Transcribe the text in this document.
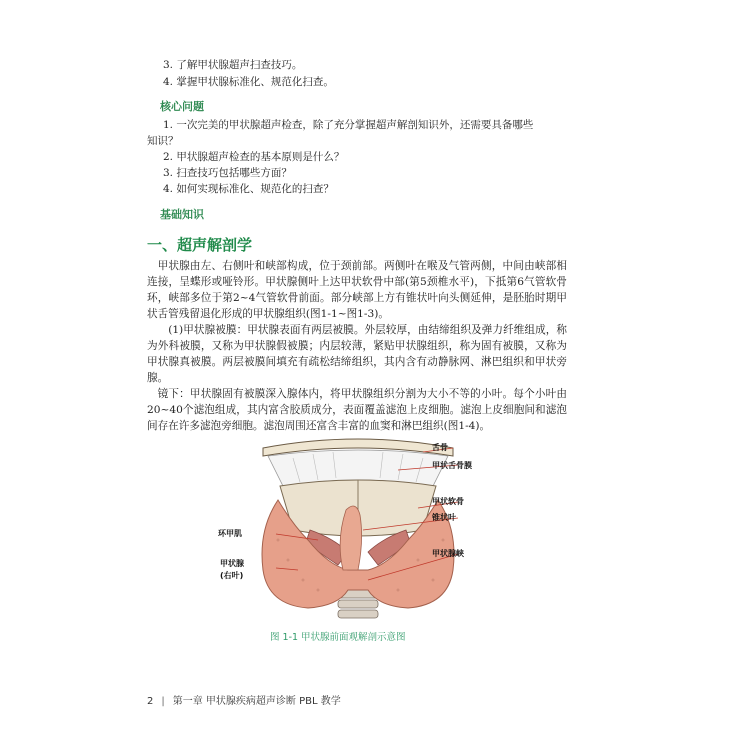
3. 了解甲状腺超声扫查技巧。
4. 掌握甲状腺标准化、规范化扫查。
核心问题
1. 一次完美的甲状腺超声检查，除了充分掌握超声解剖知识外，还需要具备哪些
知识？
2. 甲状腺超声检查的基本原则是什么？
3. 扫查技巧包括哪些方面？
4. 如何实现标准化、规范化的扫查？
基础知识
一、超声解剖学

甲状腺由左、右侧叶和峡部构成，位于颈前部。两侧叶在喉及气管两侧，中间由峡部相连接，呈蝶形或哑铃形。甲状腺侧叶上达甲状软骨中部(第5颈椎水平)，下抵第6气管软骨环，峡部多位于第2~4气管软骨前面。部分峡部上方有锥状叶向头侧延伸，是胚胎时期甲状舌管残留退化形成的甲状腺组织(图1-1~图1-3)。

(1)甲状腺被膜：甲状腺表面有两层被膜。外层较厚，由结缔组织及弹力纤维组成，称为外科被膜，又称为甲状腺假被膜；内层较薄，紧贴甲状腺组织，称为固有被膜，又称为甲状腺真被膜。两层被膜间填充有疏松结缔组织，其内含有动静脉网、淋巴组织和甲状旁腺。

镜下：甲状腺固有被膜深入腺体内，将甲状腺组织分割为大小不等的小叶。每个小叶由20~40个滤泡组成，其内富含胶质成分，表面覆盖滤泡上皮细胞。滤泡上皮细胞间和滤泡间存在许多滤泡旁细胞。滤泡周围还富含丰富的血窦和淋巴组织(图1-4)。

舌骨
甲状舌骨膜
甲状软骨
锥状叶
环甲肌
甲状腺
(右叶)
甲状腺峡
图 1-1 甲状腺前面观解剖示意图
2 | 第一章 甲状腺疾病超声诊断 PBL 教学
